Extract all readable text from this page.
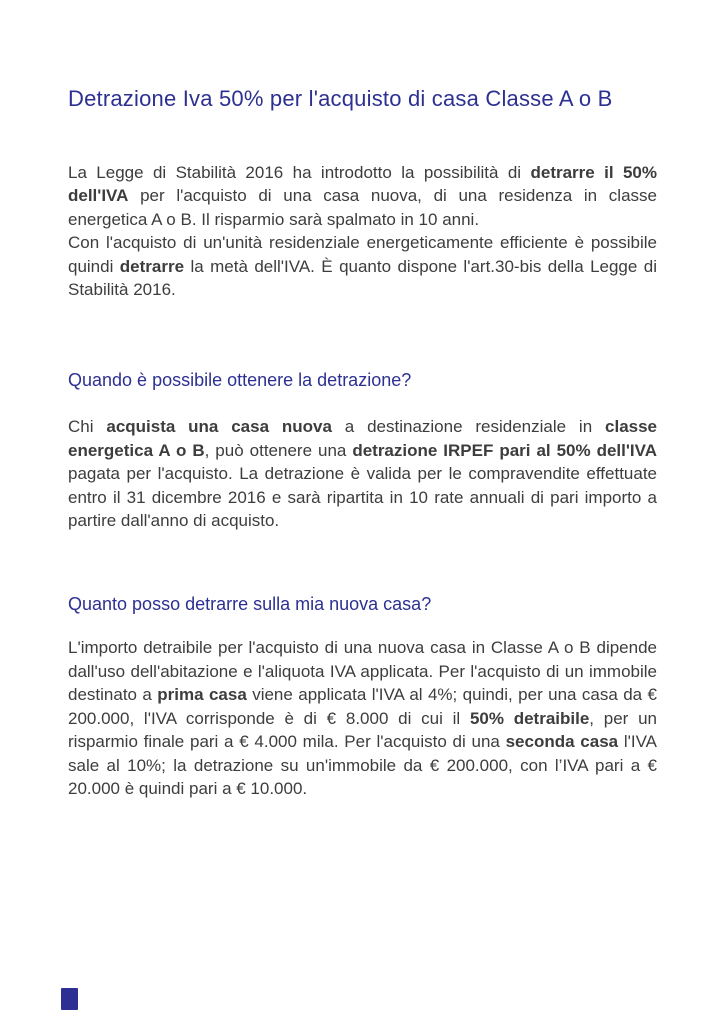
Detrazione Iva 50% per l'acquisto di casa Classe A o B

La Legge di Stabilità 2016 ha introdotto la possibilità di detrarre il 50% dell'IVA per l'acquisto di una casa nuova, di una residenza in classe energetica A o B. Il risparmio sarà spalmato in 10 anni.
Con l'acquisto di un'unità residenziale energeticamente efficiente è possibile quindi detrarre la metà dell'IVA. È quanto dispone l'art.30-bis della Legge di Stabilità 2016.

Quando è possibile ottenere la detrazione?

Chi acquista una casa nuova a destinazione residenziale in classe energetica A o B, può ottenere una detrazione IRPEF pari al 50% dell'IVA pagata per l'acquisto. La detrazione è valida per le compravendite effettuate entro il 31 dicembre 2016 e sarà ripartita in 10 rate annuali di pari importo a partire dall'anno di acquisto.

Quanto posso detrarre sulla mia nuova casa?

L'importo detraibile per l'acquisto di una nuova casa in Classe A o B dipende dall'uso dell'abitazione e l'aliquota IVA applicata. Per l'acquisto di un immobile destinato a prima casa viene applicata l'IVA al 4%; quindi, per una casa da € 200.000, l'IVA corrisponde è di € 8.000 di cui il 50% detraibile, per un risparmio finale pari a € 4.000 mila. Per l'acquisto di una seconda casa l'IVA sale al 10%; la detrazione su un'immobile da € 200.000, con l’IVA pari a € 20.000 è quindi pari a € 10.000.
